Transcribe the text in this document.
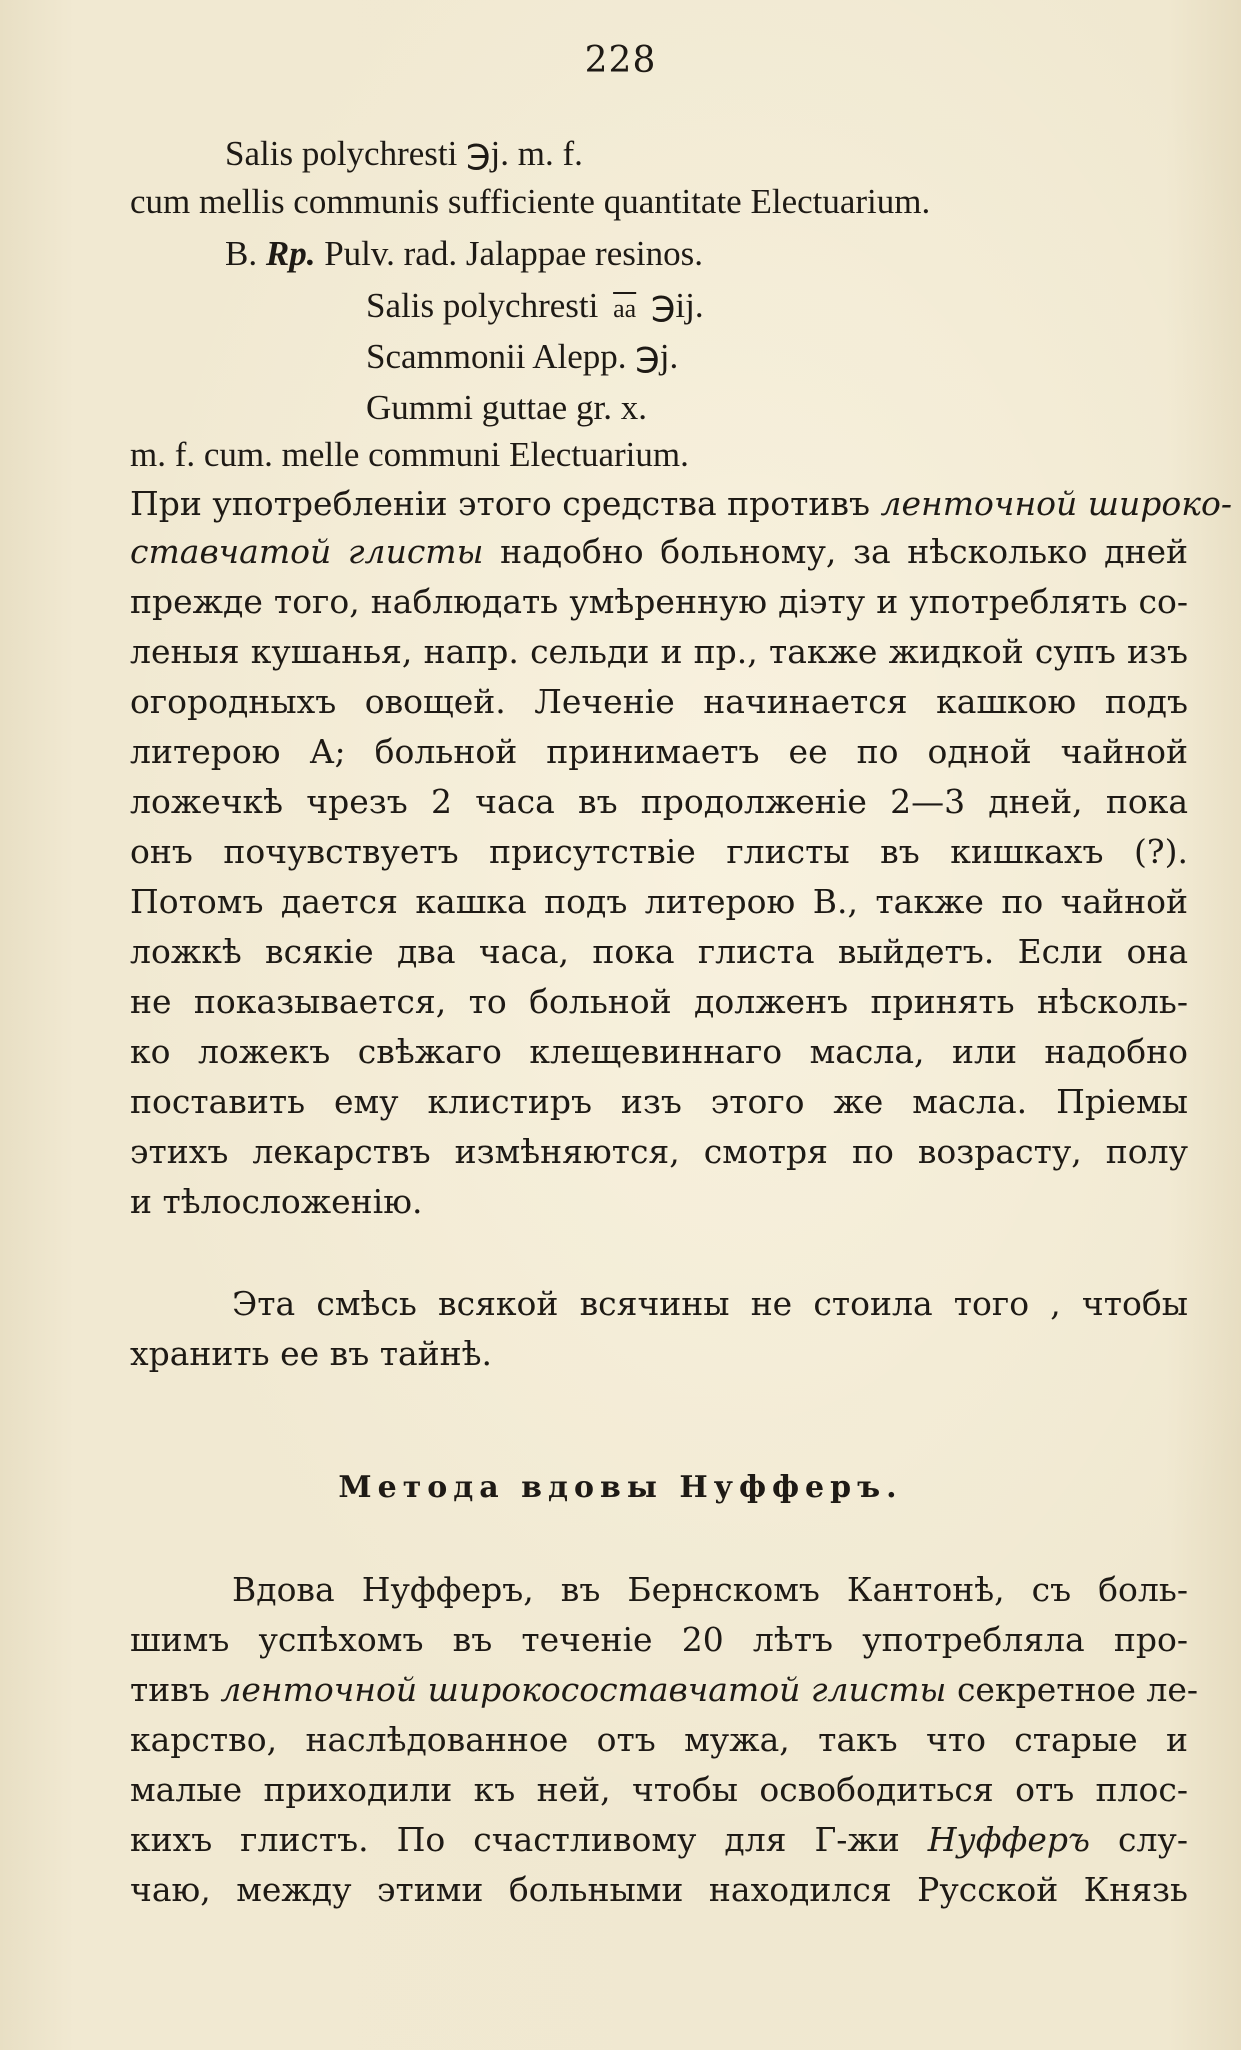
228
Salis polychresti ℈j. m. f.
cum mellis communis sufficiente quantitate Electuarium.
B. Rp. Pulv. rad. Jalappae resinos.
Salis polychresti $\overline{aa}$ ℈ij.
Scammonii Alepp. ℈j.
Gummi guttae gr. x.
m. f. cum. melle communi Electuarium.
При употребленіи этого средства противъ ленточной широко-
ставчатой глисты надобно больному, за нѣсколько дней
прежде того, наблюдать умѣренную діэту и употреблять со-
леныя кушанья, напр. сельди и пр., также жидкой супъ изъ
огородныхъ овощей. Леченіе начинается кашкою подъ
литерою А; больной принимаетъ ее по одной чайной
ложечкѣ чрезъ 2 часа въ продолженіе 2—3 дней, пока
онъ почувствуетъ присутствіе глисты въ кишкахъ (?).
Потомъ дается кашка подъ литерою В., также по чайной
ложкѣ всякіе два часа, пока глиста выйдетъ. Если она
не показывается, то больной долженъ принять нѣсколь-
ко ложекъ свѣжаго клещевиннаго масла, или надобно
поставить ему клистиръ изъ этого же масла. Пріемы
этихъ лекарствъ измѣняются, смотря по возрасту, полу
и тѣлосложенію.
Эта смѣсь всякой всячины не стоила того , чтобы
хранить ее въ тайнѣ.
Метода вдовы Нуфферъ.
Вдова Нуфферъ, въ Бернскомъ Кантонѣ, съ боль-
шимъ успѣхомъ въ теченіе 20 лѣтъ употребляла про-
тивъ ленточной широкосоставчатой глисты секретное ле-
карство, наслѣдованное отъ мужа, такъ что старые и
малые приходили къ ней, чтобы освободиться отъ плос-
кихъ глистъ. По счастливому для Г-жи Нуфферъ слу-
чаю, между этими больными находился Русской Князь
